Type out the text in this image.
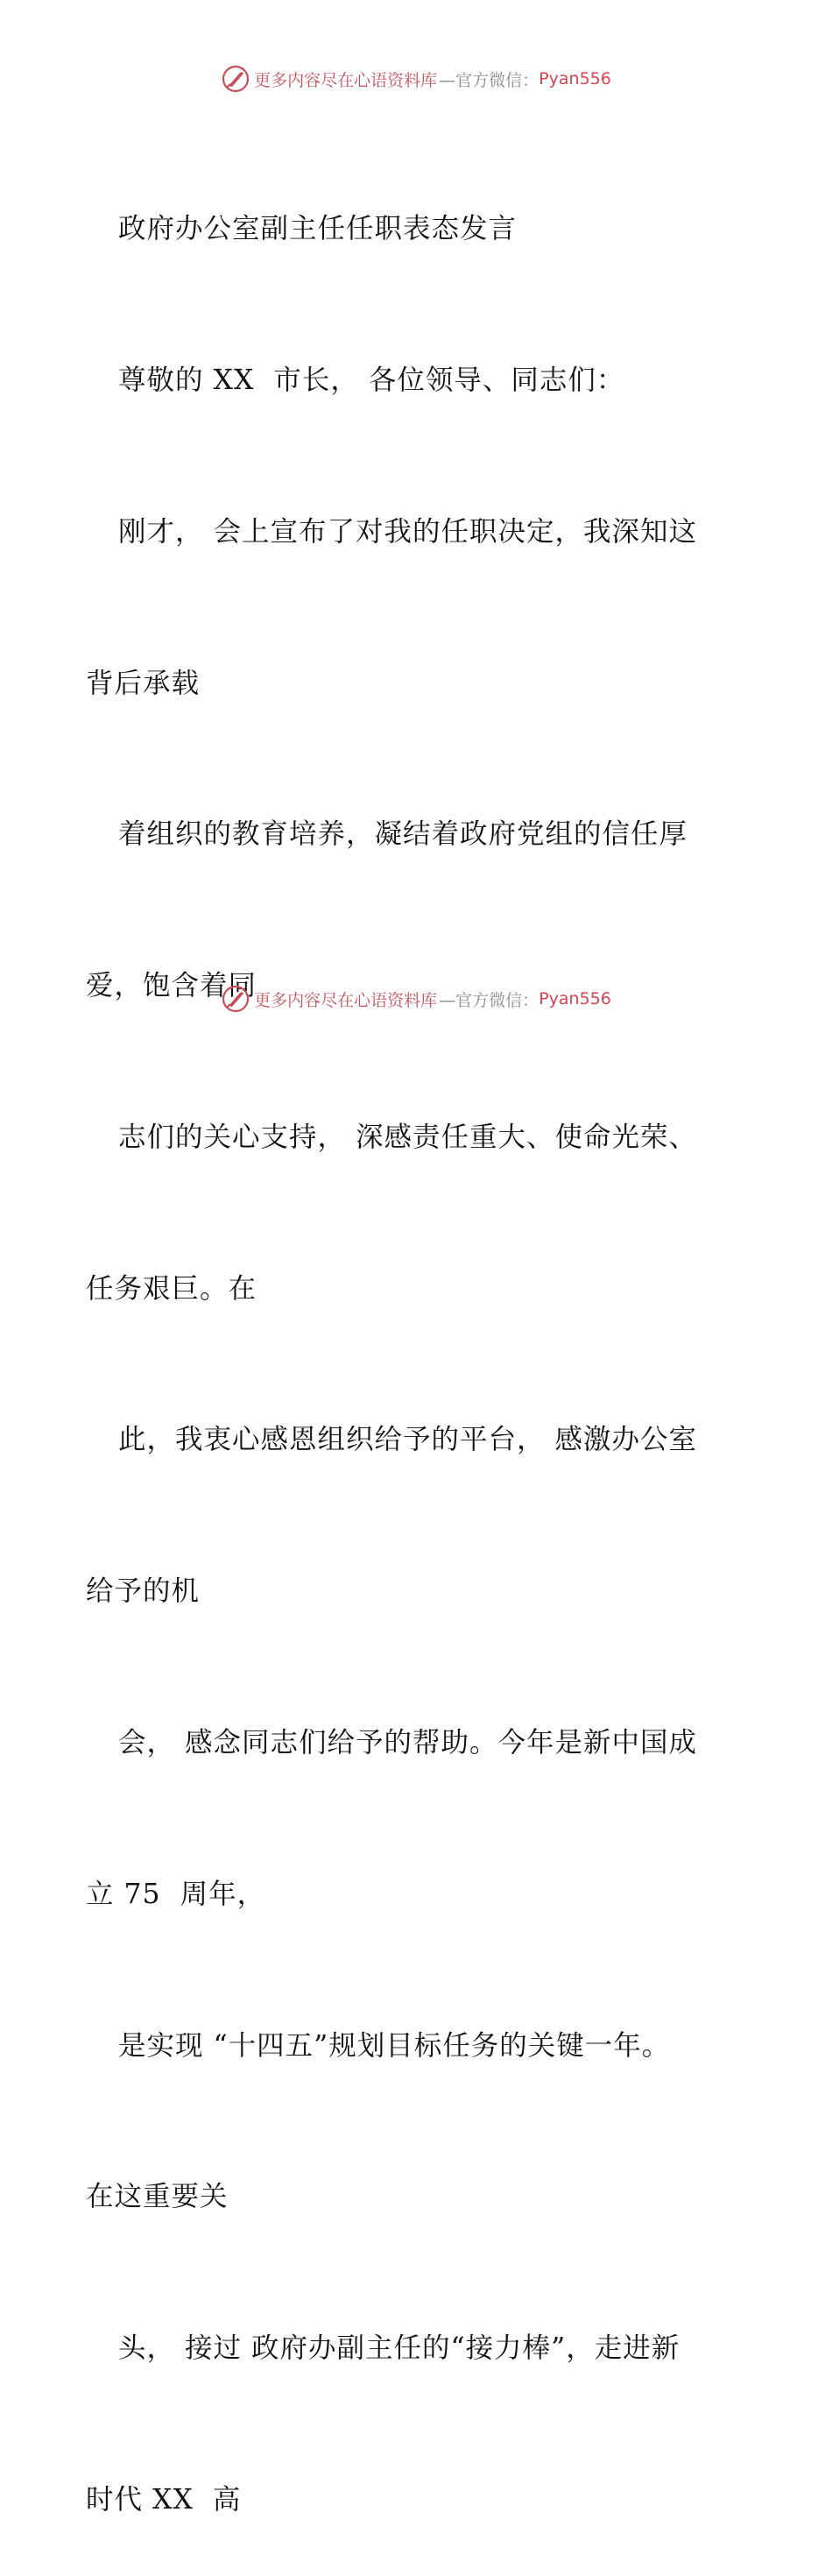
更多内容尽在心语资料库 —官方微信： Pyan556

政府办公室副主任任职表态发言

尊敬的 XX  市长， 各位领导、同志们：

刚才， 会上宣布了对我的任职决定，我深知这

背后承载

着组织的教育培养，凝结着政府党组的信任厚

爱，饱含着同

志们的关心支持， 深感责任重大、使命光荣、

任务艰巨。在

此，我衷心感恩组织给予的平台， 感激办公室

给予的机

会， 感念同志们给予的帮助。今年是新中国成

立 75  周年，

是实现 “十四五”规划目标任务的关键一年。

在这重要关

头， 接过 政府办副主任的“接力棒”，走进新

时代 XX  高

更多内容尽在心语资料库 —官方微信： Pyan556
